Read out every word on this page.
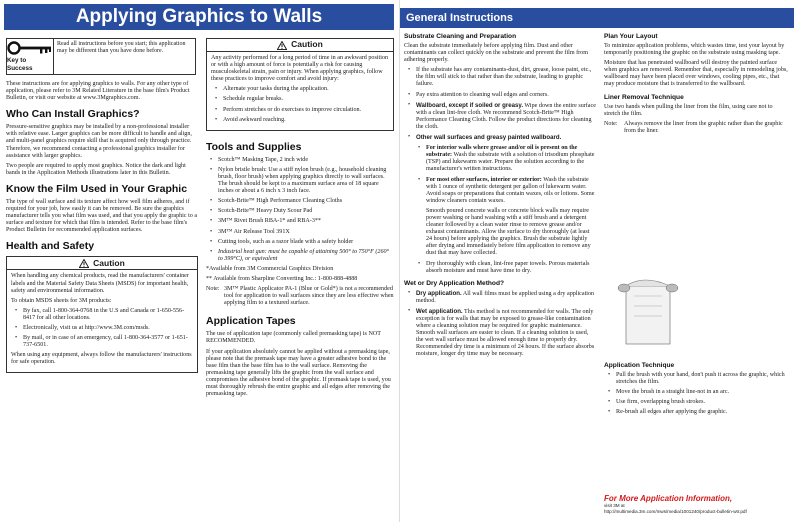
Applying Graphics to Walls	General Instructions
Key to Success
Read all instructions before you start; this application may be different than you have done before.

These instructions are for applying graphics to walls. For any other type of application, please refer to 3M Related Literature in the base film's Product Bulletin, or visit our website at www.3Mgraphics.com.

Who Can Install Graphics?

Pressure-sensitive graphics may be installed by a non-professional installer with relative ease. Larger graphics can be more difficult to handle and align, and multi-panel graphics require skill that is acquired only through practice. Therefore, we recommend contacting a professional graphics installer for assistance with larger graphics.

Two people are required to apply most graphics. Notice the dark and light bands in the Application Methods illustrations later in this Bulletin.

Know the Film Used in Your Graphic

The type of wall surface and its texture affect how well film adheres, and if required for your job, how easily it can be removed. Be sure the graphics manufacturer tells you what film was used, and that you apply the graphic to a surface and texture for which that film is intended. Refer to the base film's Product Bulletin for recommended application surfaces.

Health and Safety
Caution

When handling any chemical products, read the manufacturers' container labels and the Material Safety Data Sheets (MSDS) for important health, safety and environmental information.

To obtain MSDS sheets for 3M products:

• By fax, call 1-800-364-0768 in the U.S and Canada or 1-650-556-8417 for all other locations.
• Electronically, visit us at http://www.3M.com/msds.
• By mail, or in case of an emergency, call 1-800-364-3577 or 1-651-737-6501.

When using any equipment, always follow the manufacturers' instructions for safe operation.

Caution

Any activity performed for a long period of time in an awkward position or with a high amount of force is potentially a risk for causing musculoskeletal strain, pain or injury. When applying graphics, follow these practices to improve comfort and avoid injury:

• Alternate your tasks during the application.
• Schedule regular breaks.
• Perform stretches or do exercises to improve circulation.
• Avoid awkward reaching.
Tools and Supplies
• Scotch™ Masking Tape, 2 inch wide
• Nylon bristle brush: Use a stiff nylon brush (e.g., household cleaning brush, floor brush) when applying graphics directly to wall surfaces. The brush should be kept to a maximum surface area of 18 square inches or about a 6 inch x 3 inch face.
• Scotch-Brite™ High Performance Cleaning Cloths
• Scotch-Brite™ Heavy Duty Scour Pad
• 3M™ Rivet Brush RBA-1* and RBA-3**
• 3M™ Air Release Tool 391X
• Cutting tools, such as a razor blade with a safety holder
• Industrial heat gun: must be capable of attaining 500° to 750°F (260° to 399°C), or equivalent

*Available from 3M Commercial Graphics Division

** Available from Sharpline Converting Inc.: 1-800-888-4888

Note: 3M™ Plastic Applicator PA-1 (Blue or Gold*) is not a recommended tool for application to wall surfaces since they are less effective when applying film to a textured surface.
Application Tapes

The use of application tape (commonly called premasking tape) is NOT RECOMMENDED.

If your application absolutely cannot be applied without a premasking tape, please note that the premask tape may have a greater adhesive bond to the base film than the base film has to the wall surface. Removing the premasking tape generally lifts the graphic from the wall surface and compromises the adhesive bond of the graphic. If premask tape is used, you must thoroughly rebrush the entire graphic and all edges after removing the premasking tape.

Substrate Cleaning and Preparation

Clean the substrate immediately before applying film. Dust and other contaminants can collect quickly on the substrate and prevent the film from adhering properly.

• If the substrate has any contaminants-dust, dirt, grease, loose paint, etc., the film will stick to that rather than the substrate, leading to graphic failure.
• Pay extra attention to cleaning wall edges and corners.
• Wallboard, except if soiled or greasy. Wipe down the entire surface with a clean lint-free cloth. We recommend Scotch-Brite™ High Performance Cleaning Cloth. Follow the product directions for cleaning the cloth.
• Other wall surfaces and greasy painted wallboard.
• For interior walls where grease and/or oil is present on the substrate: Wash the substrate with a solution of trisodium phosphate (TSP) and lukewarm water. Prepare the solution according to the manufacturer's written instructions.
• For most other surfaces, interior or exterior: Wash the substrate with 1 ounce of synthetic detergent per gallon of lukewarm water. Avoid soaps or preparations that contain waxes, oils or lotions. Some window cleaners contain waxes.

Smooth poured concrete walls or concrete block walls may require power washing or hand washing with a stiff brush and a detergent cleaner followed by a clean water rinse to remove grease and/or exhaust contaminants. Allow the surface to dry thoroughly (at least 24 hours) before applying the graphics. Brush the substrate lightly after drying and immediately before film application to remove any dust that may have collected.

• Dry thoroughly with clean, lint-free paper towels. Porous materials absorb moisture and must have time to dry.
Wet or Dry Application Method?
• Dry application. All wall films must be applied using a dry application method.
• Wet application. This method is not recommended for walls. The only exception is for walls that may be exposed to grease-like contamination where a cleaning solution may be required for graphic maintenance. Smooth wall surfaces are easier to clean. If a cleaning solution is used, the wet wall surface must be allowed enough time to properly dry. Recommended dry time is a minimum of 24 hours. If the surface absorbs moisture, longer dry time may be necessary.
Plan Your Layout

To minimize application problems, which wastes time, test your layout by temporarily positioning the graphic on the substrate using masking tape.

Moisture that has penetrated wallboard will destroy the painted surface when graphics are removed. Remember that, especially in remodeling jobs, wallboard may have been placed over windows, cooling pipes, etc., that may produce moisture that is transferred to the wallboard.

Liner Removal Technique

Use two hands when pulling the liner from the film, using care not to stretch the film.

Note:	Always remove the liner from the graphic rather than the graphic from the liner.
Application Technique
• Pull the brush with your hand, don't push it across the graphic, which stretches the film.
• Move the brush in a straight line-not in an arc.
• Use firm, overlapping brush strokes.
• Re-brush all edges after applying the graphic.
For More Application Information,
visit 3M at
http://multimedia.3m.com/mws/media/1001240/product-bulletin-wtr.pdf
